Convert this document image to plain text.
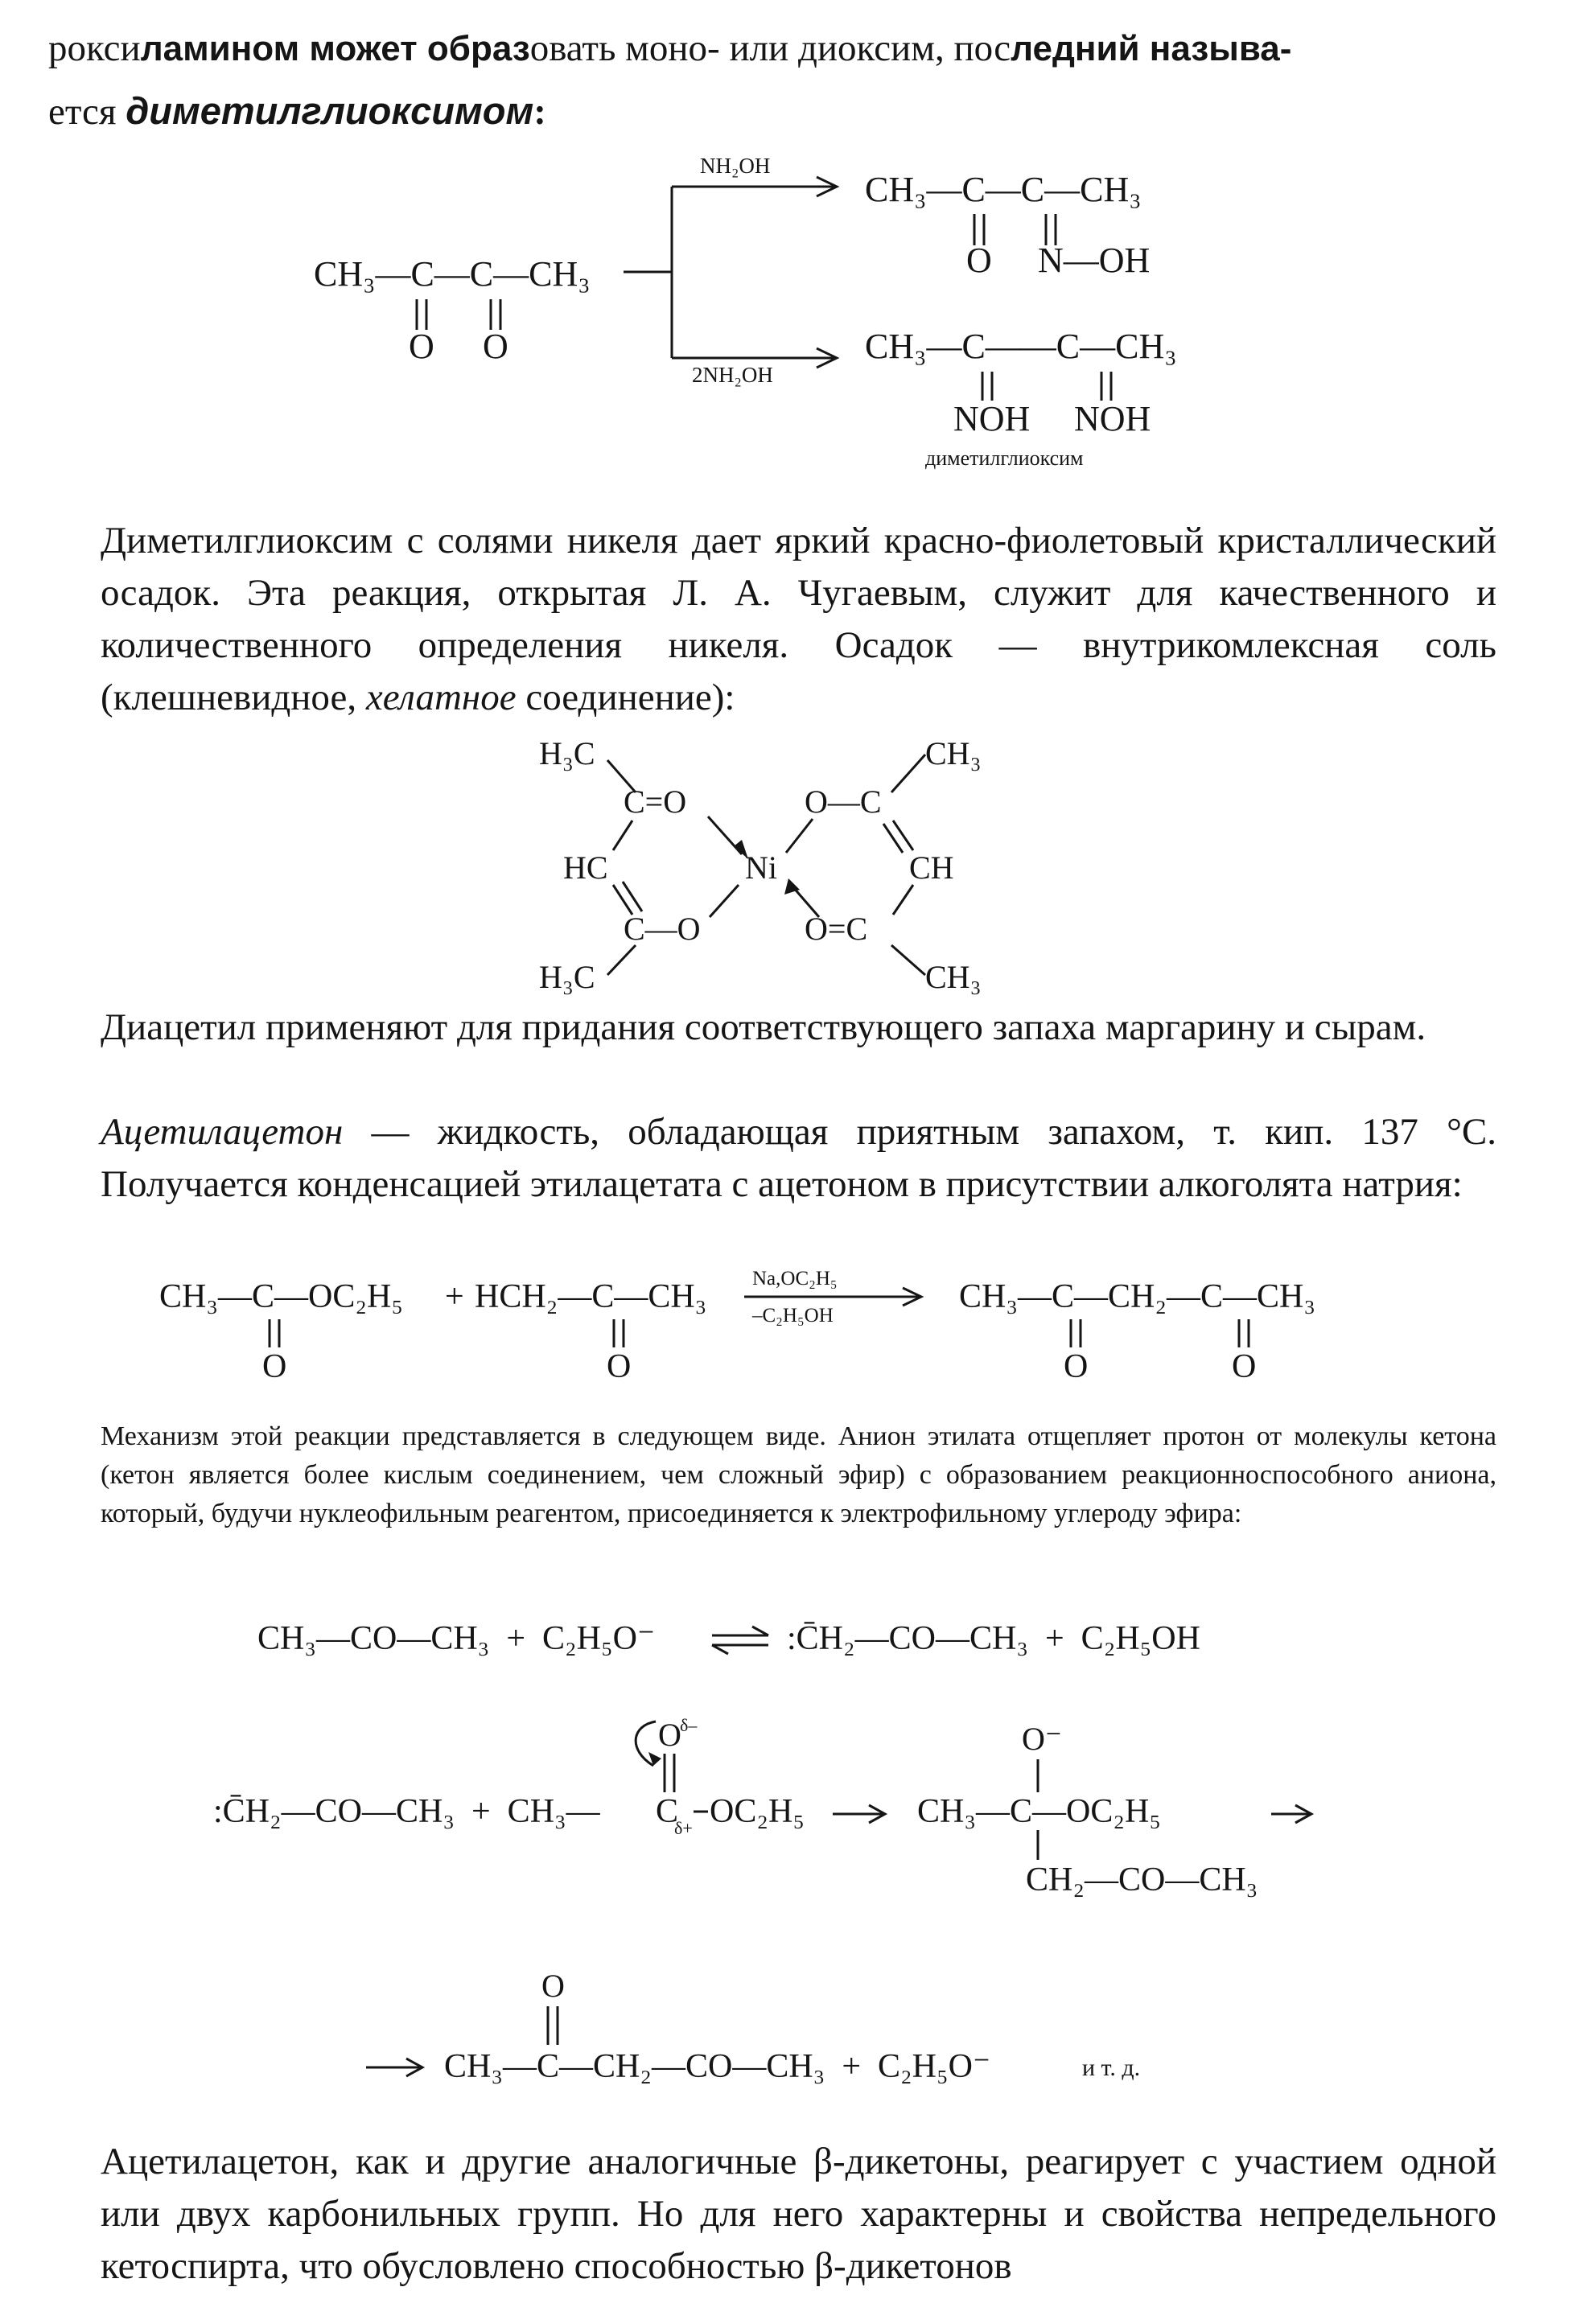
роксиламином может образовать моно- или диоксим, последний называ-
ется диметилглиоксимом:
CH₃—C—C—CH₃
O O
NH₂OH
2NH₂OH
CH₃—C—C—CH₃
O N—OH
CH₃—C——C—CH₃
NOH NOH
диметилглиоксим
Диметилглиоксим с солями никеля дает яркий красно-фиолетовый кристаллический осадок. Эта реакция, открытая Л. А. Чугаевым, служит для качественного и количественного определения никеля. Осадок — внутрикомлексная соль (клешневидное, хелатное соединение):
H₃C	CH₃
C=O	O—C
HC	Ni	CH
C—O	O=C
H₃C	CH₃
Диацетил применяют для придания соответствующего запаха маргарину и сырам.
Ацетилацетон — жидкость, обладающая приятным запахом, т. кип. 137 °С. Получается конденсацией этилацетата с ацетоном в присутствии алкоголята натрия:
CH₃—C—OC₂H₅
O
+ HCH₂—C—CH₃
O
Na,OC₂H₅
–C₂H₅OH
CH₃—C—CH₂—C—CH₃
O	O
Механизм этой реакции представляется в следующем виде. Анион этилата отщепляет протон от молекулы кетона (кетон является более кислым соединением, чем сложный эфир) с образованием реакционноспособного аниона, который, будучи нуклеофильным реагентом, присоединяется к электрофильному углероду эфира:
CH₃—CO—CH₃  +  C₂H₅O⁻	:C̄H₂—CO—CH₃  +  C₂H₅OH
:C̄H₂—CO—CH₃  +  CH₃— C
δ+ OC₂H₅
O
δ–
CH₃—C—OC₂H₅
O⁻
CH₂—CO—CH₃
O
CH₃—C—CH₂—CO—CH₃  +  C₂H₅O⁻	и т. д.
Ацетилацетон, как и другие аналогичные β-дикетоны, реагирует с участием одной или двух карбонильных групп. Но для него характерны и свойства непредельного кетоспирта, что обусловлено способностью β-дикетонов
